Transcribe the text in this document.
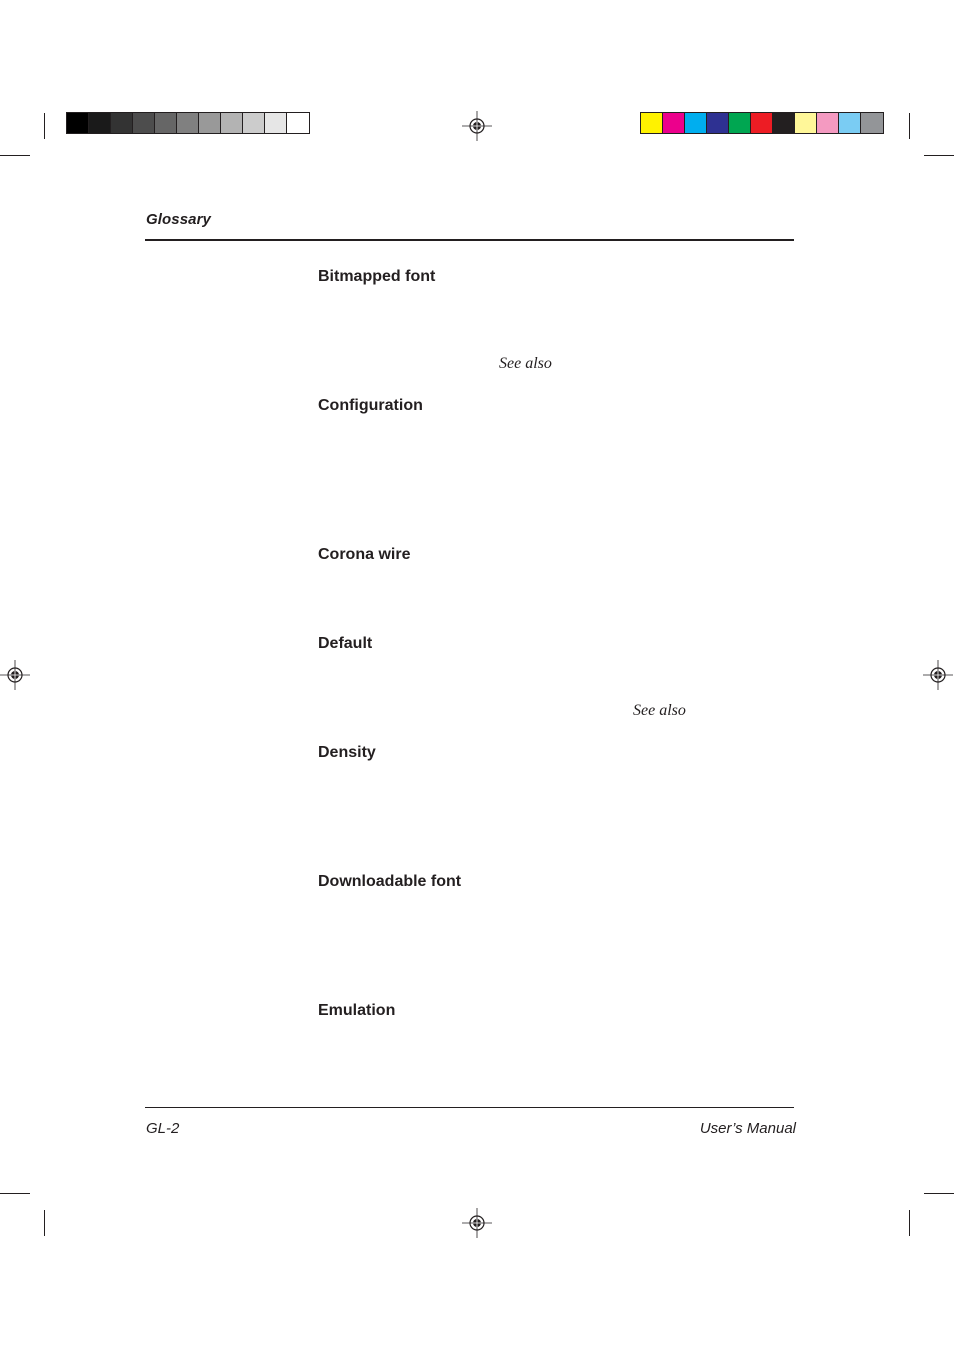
Glossary
Bitmapped font
See also
Configuration
Corona wire
Default
See also
Density
Downloadable font
Emulation
GL-2	User’s Manual
